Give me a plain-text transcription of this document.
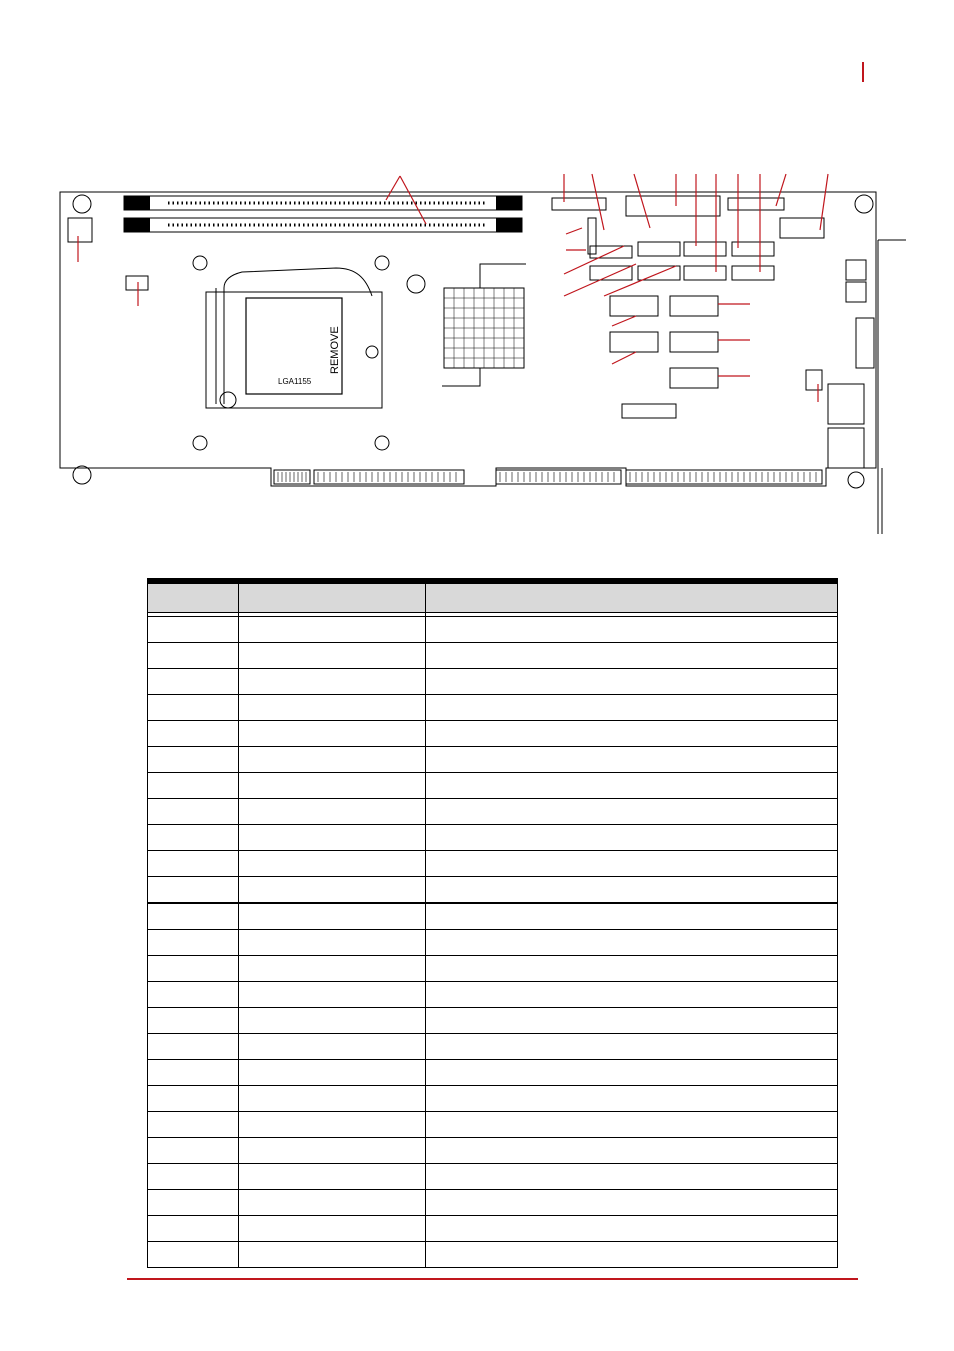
LGA1155
REMOVE
